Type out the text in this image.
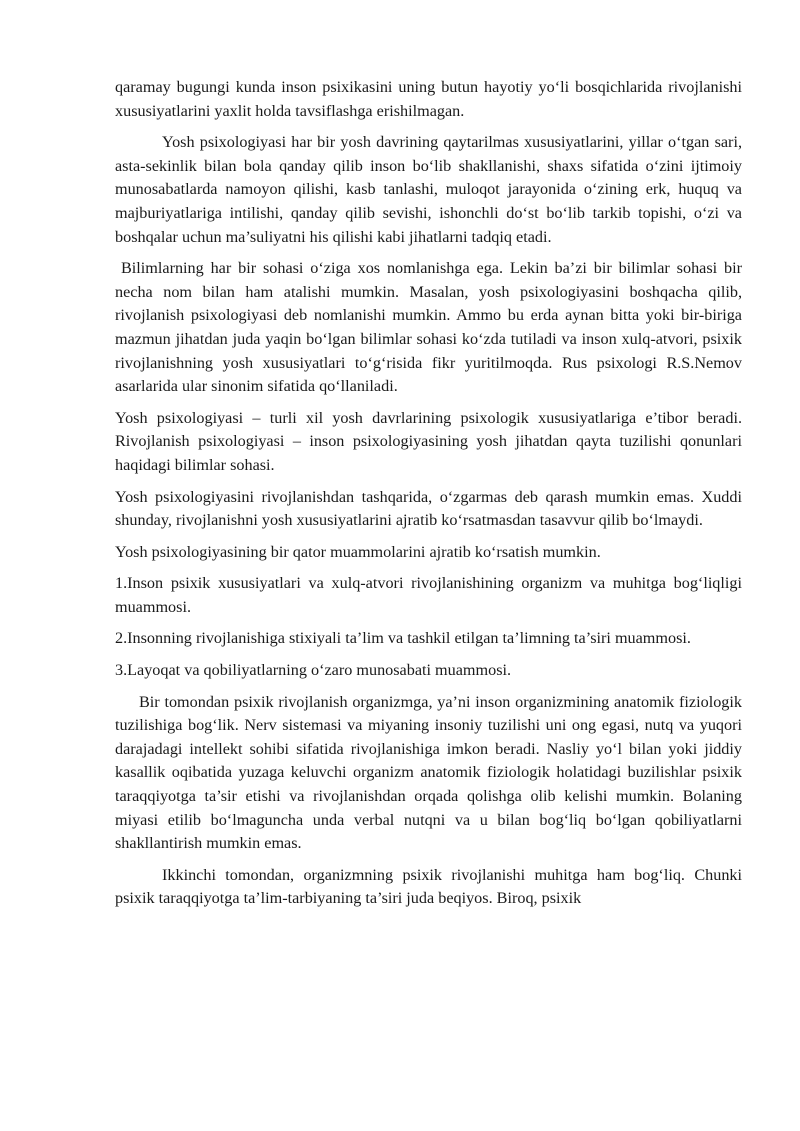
qaramay bugungi kunda inson psixikasini uning butun hayotiy yo‘li bosqichlarida rivojlanishi xususiyatlarini yaxlit holda tavsiflashga erishilmagan.

Yosh psixologiyasi har bir yosh davrining qaytarilmas xususiyatlarini, yillar o‘tgan sari, asta-sekinlik bilan bola qanday qilib inson bo‘lib shakllanishi, shaxs sifatida o‘zini ijtimoiy munosabatlarda namoyon qilishi, kasb tanlashi, muloqot jarayonida o‘zining erk, huquq va majburiyatlariga intilishi, qanday qilib sevishi, ishonchli do‘st bo‘lib tarkib topishi, o‘zi va boshqalar uchun ma’suliyatni his qilishi kabi jihatlarni tadqiq etadi.

Bilimlarning har bir sohasi o‘ziga xos nomlanishga ega. Lekin ba’zi bir bilimlar sohasi bir necha nom bilan ham atalishi mumkin. Masalan, yosh psixologiyasini boshqacha qilib, rivojlanish psixologiyasi deb nomlanishi mumkin. Ammo bu erda aynan bitta yoki bir-biriga mazmun jihatdan juda yaqin bo‘lgan bilimlar sohasi ko‘zda tutiladi va inson xulq-atvori, psixik rivojlanishning yosh xususiyatlari to‘g‘risida fikr yuritilmoqda. Rus psixologi R.S.Nemov asarlarida ular sinonim sifatida qo‘llaniladi.

Yosh psixologiyasi – turli xil yosh davrlarining psixologik xususiyatlariga e’tibor beradi. Rivojlanish psixologiyasi – inson psixologiyasining yosh jihatdan qayta tuzilishi qonunlari haqidagi bilimlar sohasi.

Yosh psixologiyasini rivojlanishdan tashqarida, o‘zgarmas deb qarash mumkin emas. Xuddi shunday, rivojlanishni yosh xususiyatlarini ajratib ko‘rsatmasdan tasavvur qilib bo‘lmaydi.

Yosh psixologiyasining bir qator muammolarini ajratib ko‘rsatish mumkin.

1.Inson psixik xususiyatlari va xulq-atvori rivojlanishining organizm va muhitga bog‘liqligi muammosi.

2.Insonning rivojlanishiga stixiyali ta’lim va tashkil etilgan ta’limning ta’siri muammosi.

3.Layoqat va qobiliyatlarning o‘zaro munosabati muammosi.

Bir tomondan psixik rivojlanish organizmga, ya’ni inson organizmining anatomik fiziologik tuzilishiga bog‘lik. Nerv sistemasi va miyaning insoniy tuzilishi uni ong egasi, nutq va yuqori darajadagi intellekt sohibi sifatida rivojlanishiga imkon beradi. Nasliy yo‘l bilan yoki jiddiy kasallik oqibatida yuzaga keluvchi organizm anatomik fiziologik holatidagi buzilishlar psixik taraqqiyotga ta’sir etishi va rivojlanishdan orqada qolishga olib kelishi mumkin. Bolaning miyasi etilib bo‘lmaguncha unda verbal nutqni va u bilan bog‘liq bo‘lgan qobiliyatlarni shakllantirish mumkin emas.

Ikkinchi tomondan, organizmning psixik rivojlanishi muhitga ham bog‘liq. Chunki psixik taraqqiyotga ta’lim-tarbiyaning ta’siri juda beqiyos. Biroq, psixik
